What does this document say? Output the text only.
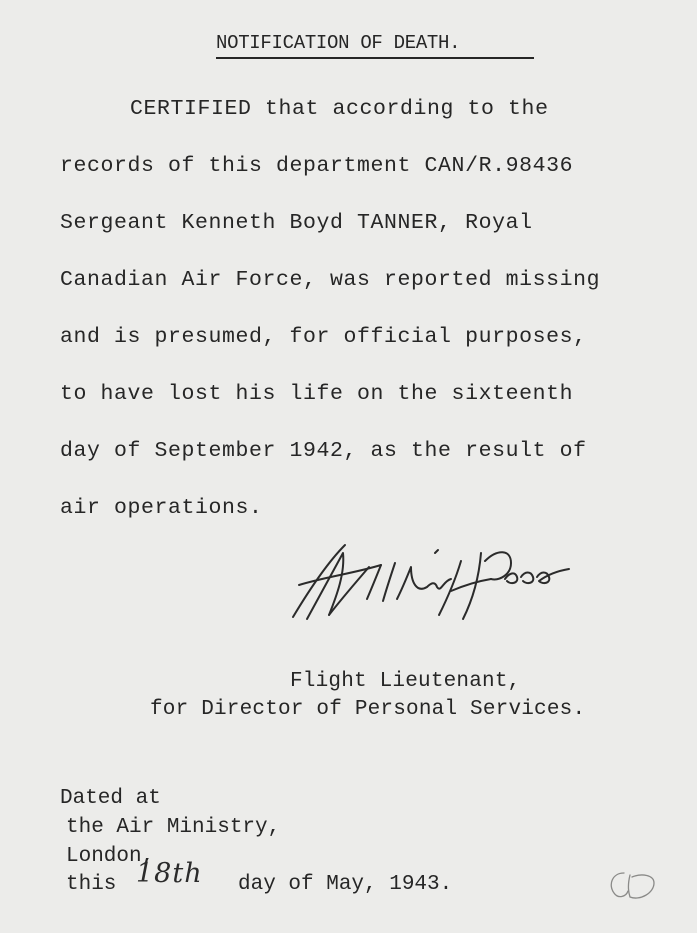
NOTIFICATION OF DEATH.
CERTIFIED that according to the
records of this department CAN/R.98436
Sergeant Kenneth Boyd TANNER, Royal
Canadian Air Force, was reported missing
and is presumed, for official purposes,
to have lost his life on the sixteenth
day of September 1942, as the result of
air operations.
Flight Lieutenant,
for Director of Personal Services.
Dated at
the Air Ministry,
London,
this 18th day of May, 1943.
